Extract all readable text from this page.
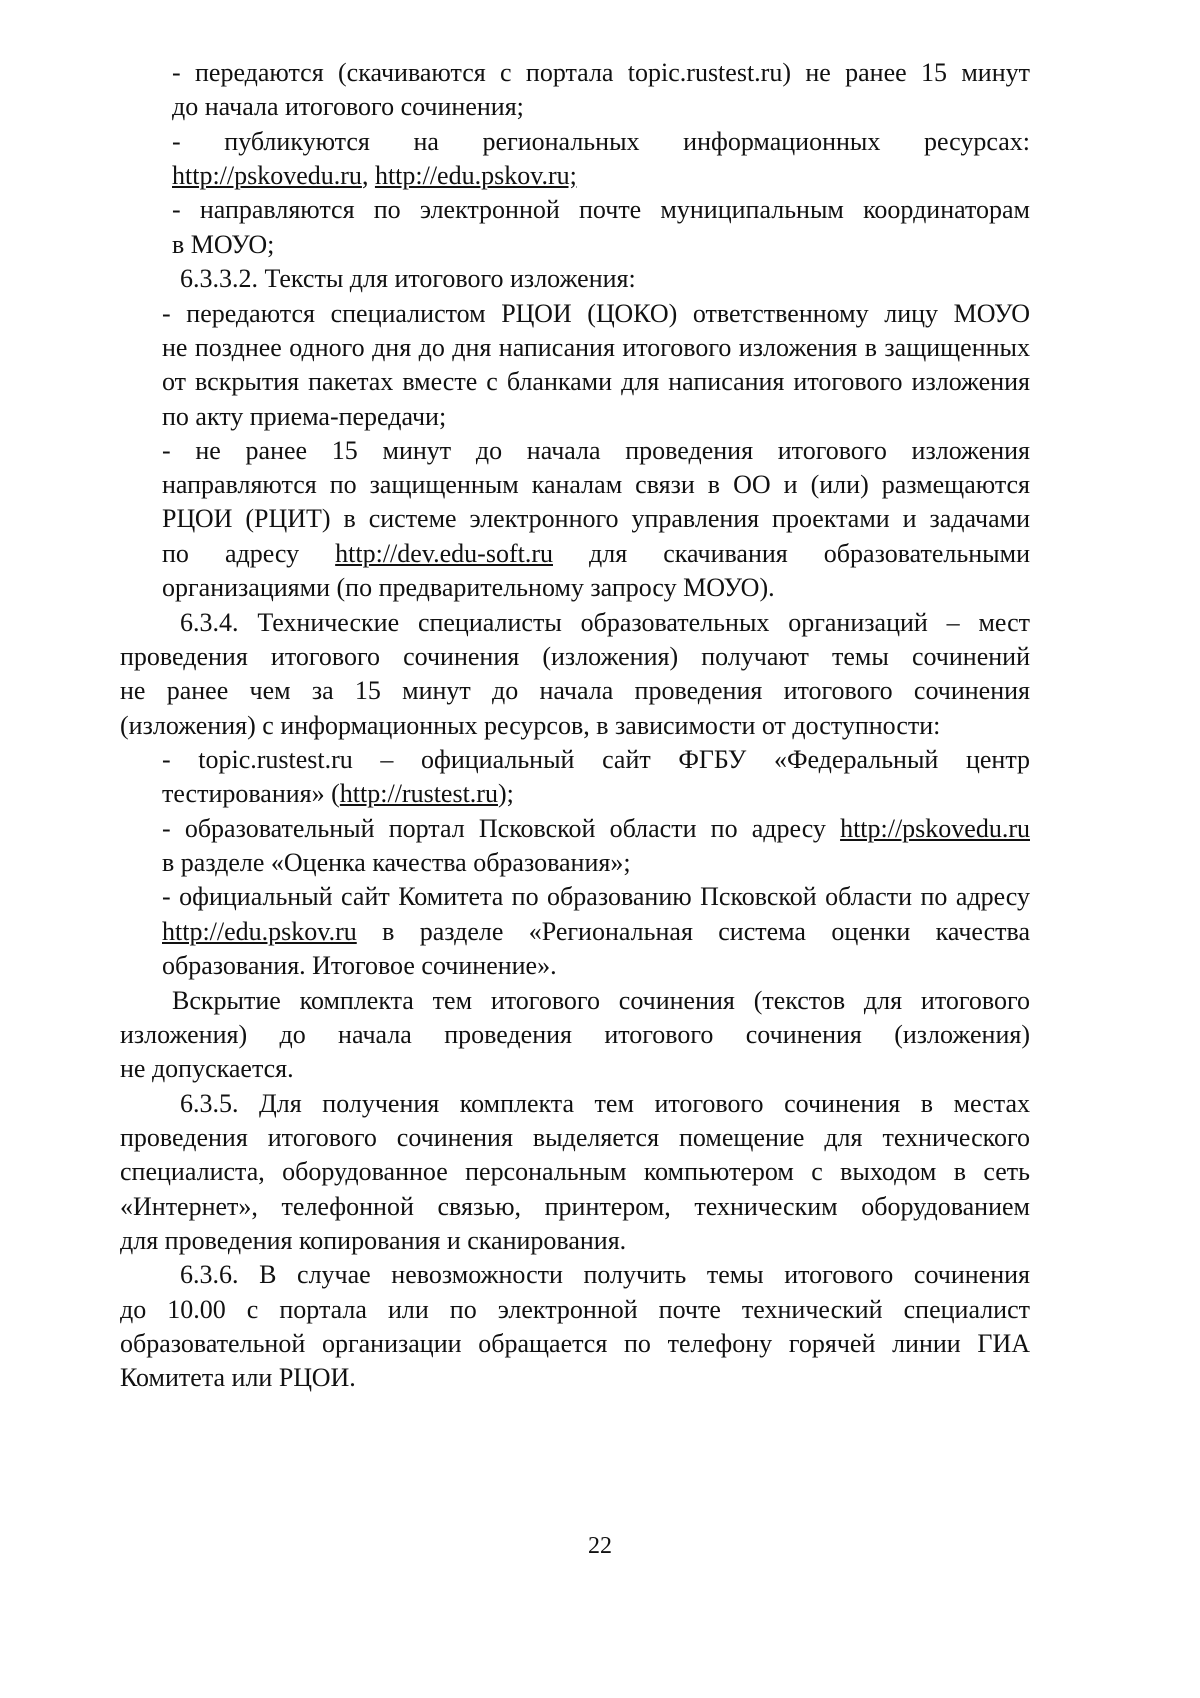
- передаются (скачиваются с портала topic.rustest.ru) не ранее 15 минут
до начала итогового сочинения;
- публикуются на региональных информационных ресурсах:
http://pskovedu.ru, http://edu.pskov.ru;
- направляются по электронной почте муниципальным координаторам
в МОУО;
6.3.3.2. Тексты для итогового изложения:
- передаются специалистом РЦОИ (ЦОКО) ответственному лицу МОУО
не позднее одного дня до дня написания итогового изложения в защищенных
от вскрытия пакетах вместе с бланками для написания итогового изложения
по акту приема-передачи;
- не ранее 15 минут до начала проведения итогового изложения
направляются по защищенным каналам связи в ОО и (или) размещаются
РЦОИ (РЦИТ) в системе электронного управления проектами и задачами
по адресу http://dev.edu-soft.ru для скачивания образовательными
организациями (по предварительному запросу МОУО).
6.3.4. Технические специалисты образовательных организаций – мест
проведения итогового сочинения (изложения) получают темы сочинений
не ранее чем за 15 минут до начала проведения итогового сочинения
(изложения) с информационных ресурсов, в зависимости от доступности:
- topic.rustest.ru – официальный сайт ФГБУ «Федеральный центр
тестирования» (http://rustest.ru);
- образовательный портал Псковской области по адресу http://pskovedu.ru
в разделе «Оценка качества образования»;
- официальный сайт Комитета по образованию Псковской области по адресу
http://edu.pskov.ru в разделе «Региональная система оценки качества
образования. Итоговое сочинение».
Вскрытие комплекта тем итогового сочинения (текстов для итогового
изложения) до начала проведения итогового сочинения (изложения)
не допускается.
6.3.5. Для получения комплекта тем итогового сочинения в местах
проведения итогового сочинения выделяется помещение для технического
специалиста, оборудованное персональным компьютером с выходом в сеть
«Интернет», телефонной связью, принтером, техническим оборудованием
для проведения копирования и сканирования.
6.3.6. В случае невозможности получить темы итогового сочинения
до 10.00 с портала или по электронной почте технический специалист
образовательной организации обращается по телефону горячей линии ГИА
Комитета или РЦОИ.
22
